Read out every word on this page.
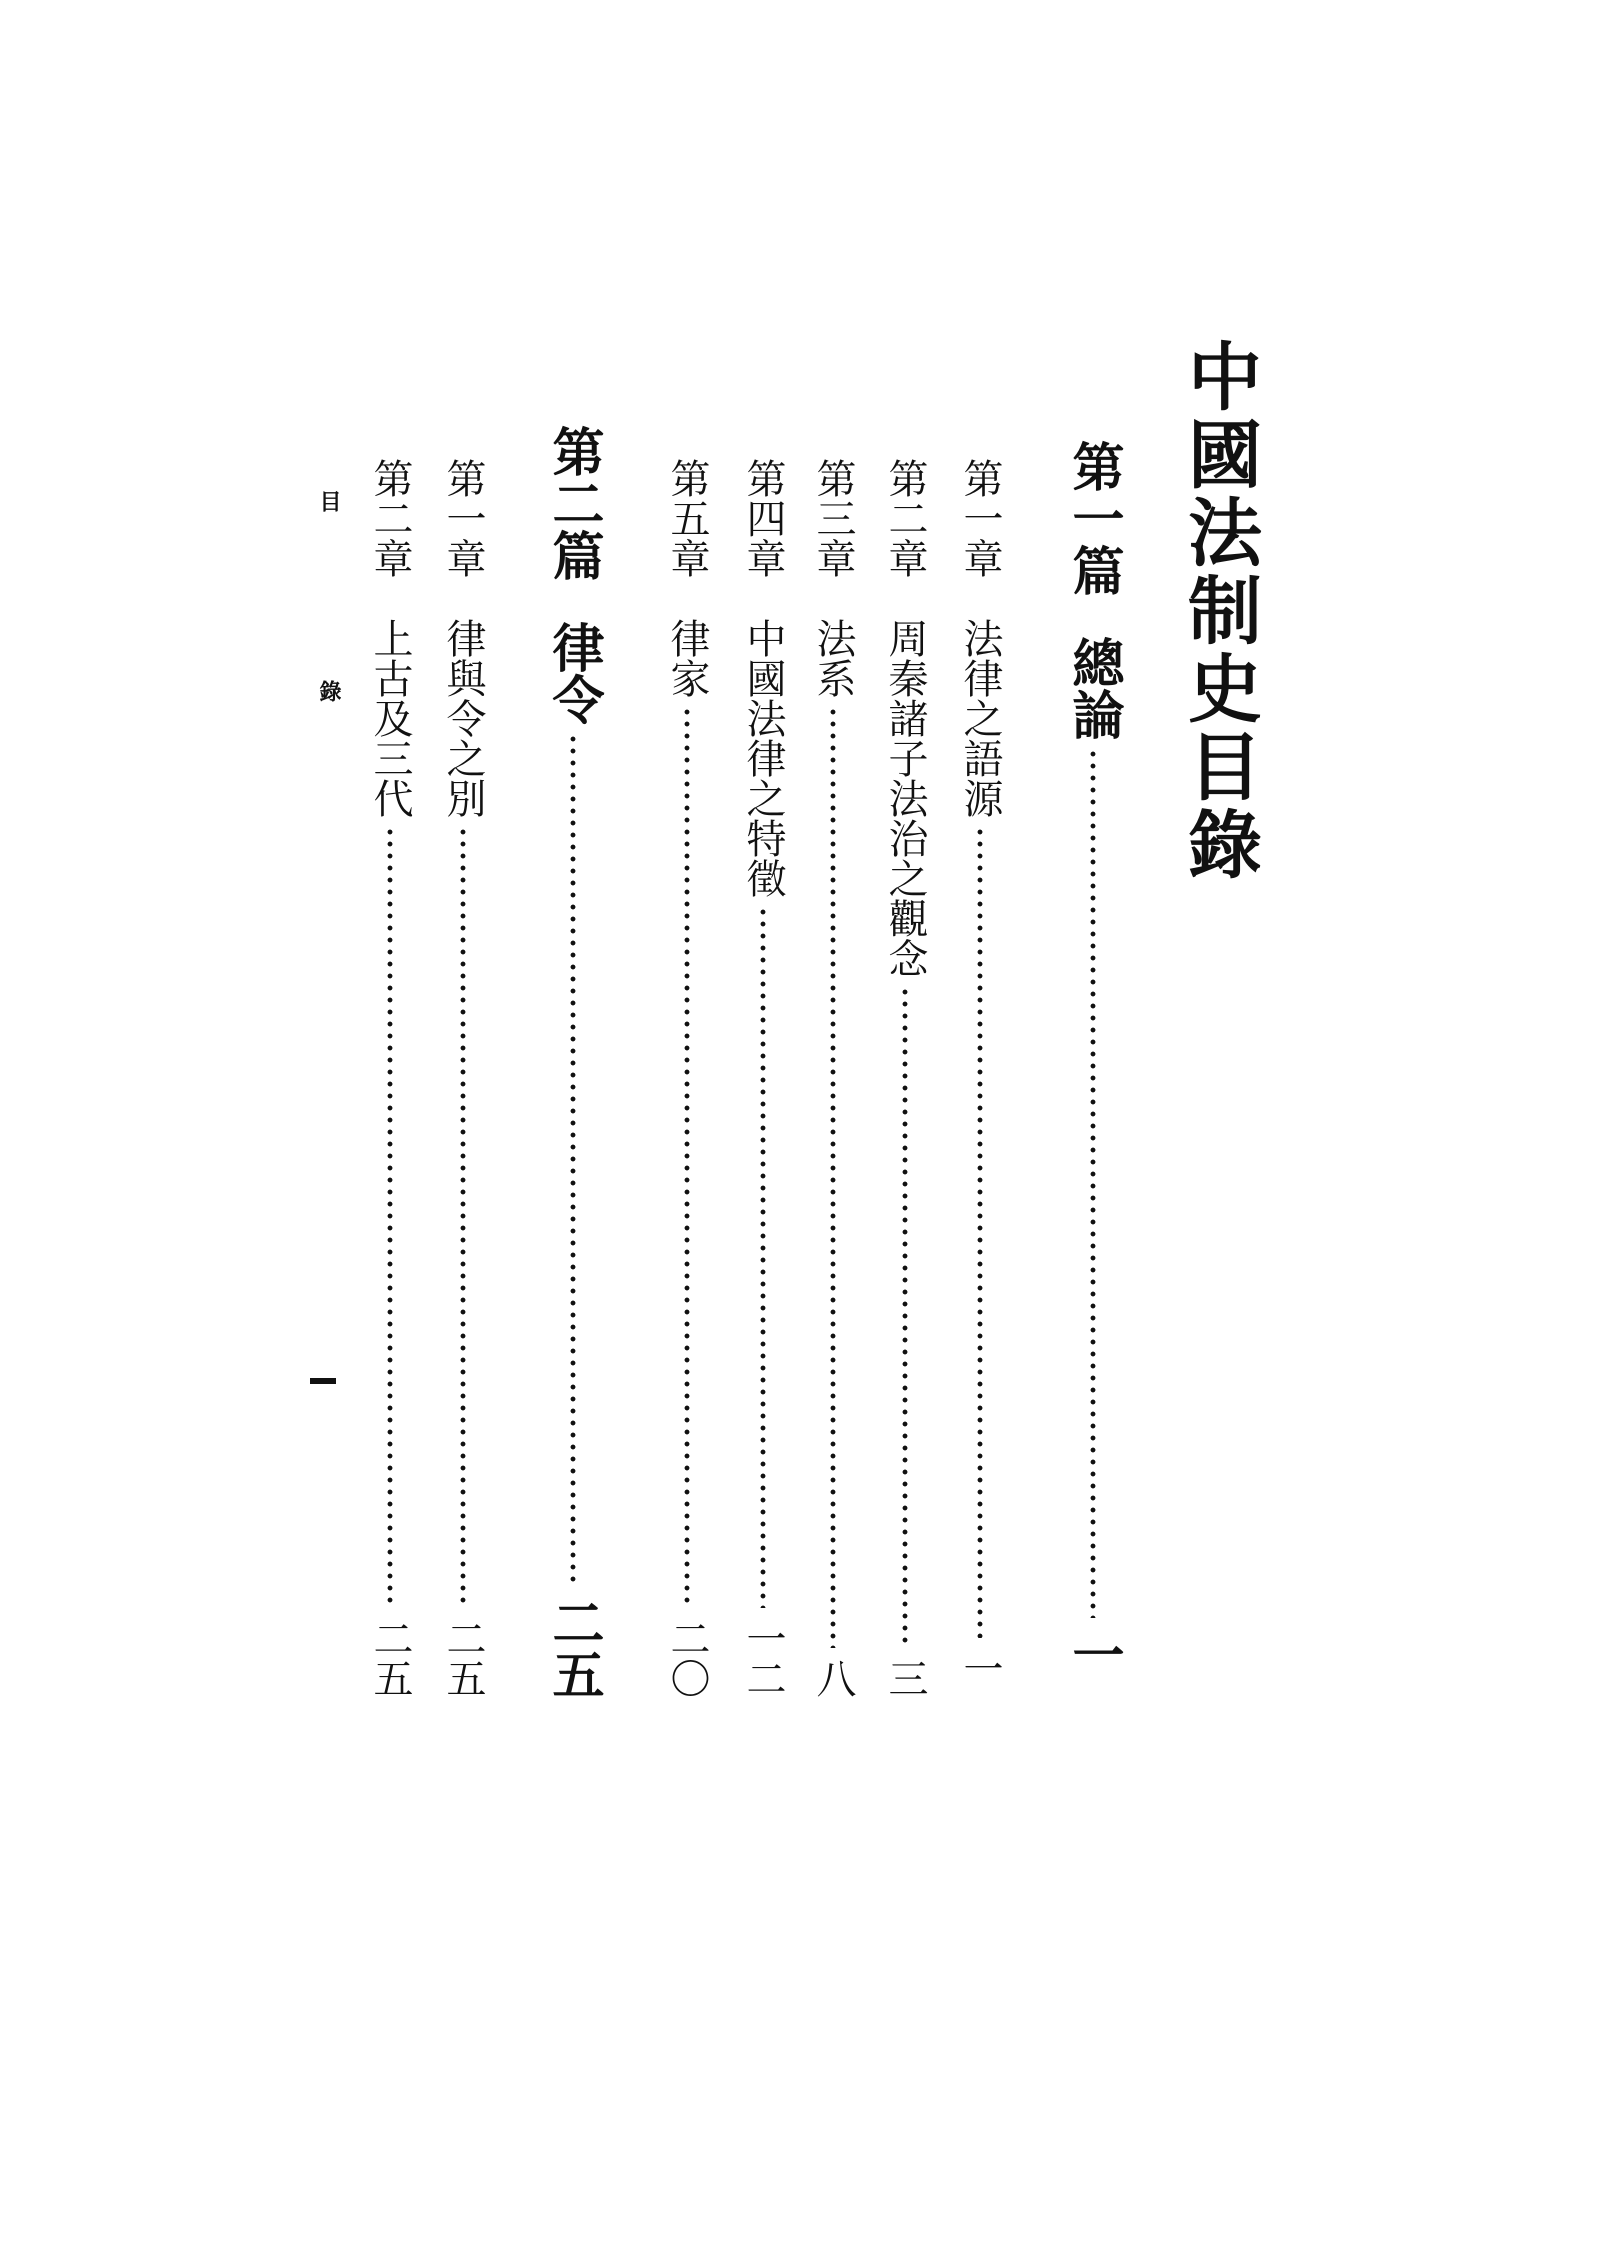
中國法制史目錄
第一篇
總論
一
第一章
法律之語源
一
第二章
周秦諸子法治之觀念
三
第三章
法系
八
第四章
中國法律之特徵
一二
第五章
律家
二〇
第二篇
律令
二五
第一章
律與令之別
二五
第二章
上古及三代
二五
目
錄
